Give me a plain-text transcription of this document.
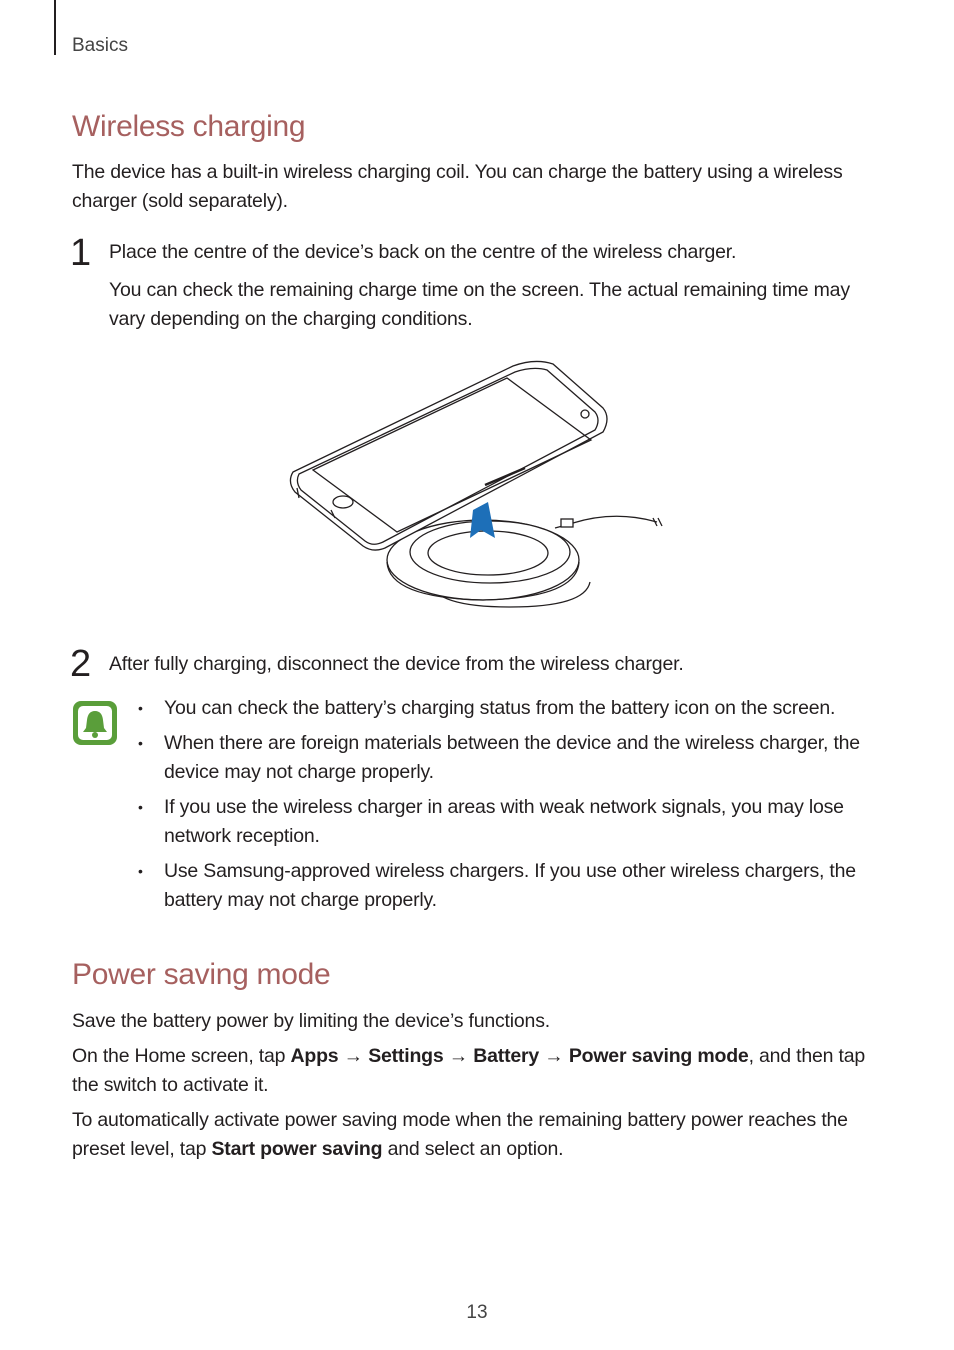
Basics
Wireless charging

The device has a built-in wireless charging coil. You can charge the battery using a wireless charger (sold separately).

1 Place the centre of the device’s back on the centre of the wireless charger.

You can check the remaining charge time on the screen. The actual remaining time may vary depending on the charging conditions.

2 After fully charging, disconnect the device from the wireless charger.

• You can check the battery’s charging status from the battery icon on the screen.
• When there are foreign materials between the device and the wireless charger, the device may not charge properly.
• If you use the wireless charger in areas with weak network signals, you may lose network reception.
• Use Samsung-approved wireless chargers. If you use other wireless chargers, the battery may not charge properly.
Power saving mode

Save the battery power by limiting the device’s functions.

On the Home screen, tap Apps → Settings → Battery → Power saving mode, and then tap the switch to activate it.

To automatically activate power saving mode when the remaining battery power reaches the preset level, tap Start power saving and select an option.

13
